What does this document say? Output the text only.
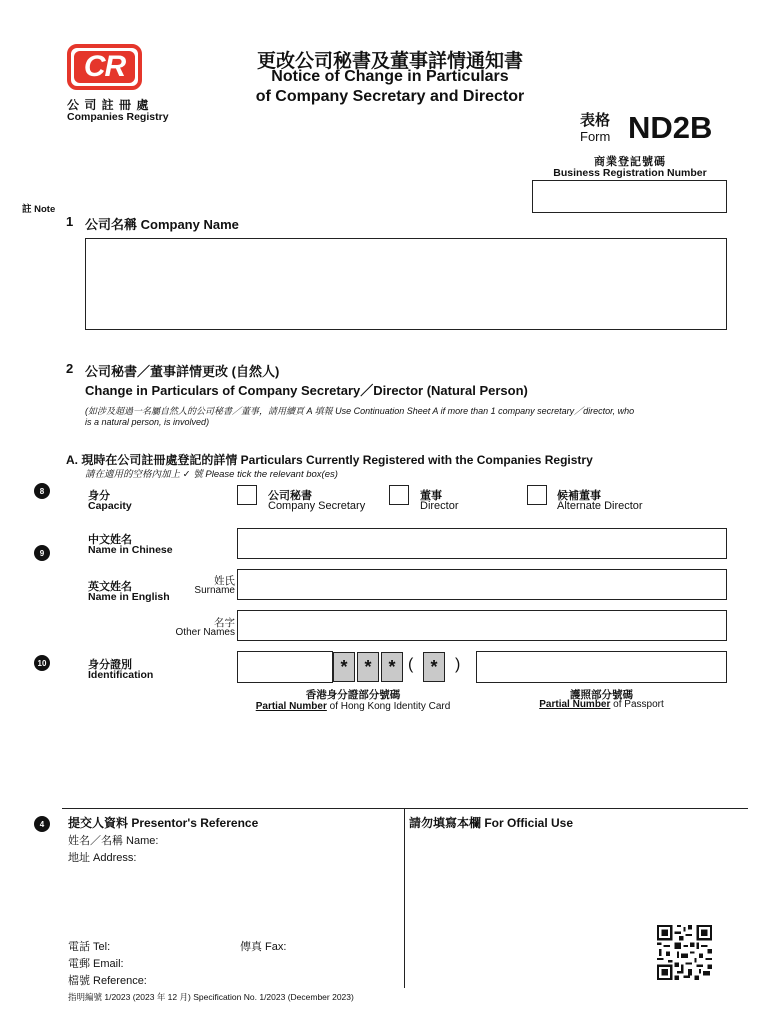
CR
公 司 註 冊 處
Companies Registry
更改公司秘書及董事詳情通知書
Notice of Change in Particulars
of Company Secretary and Director
表格
Form ND2B
商業登記號碼
Business Registration Number
註 Note
1 公司名稱 Company Name
2 公司秘書／董事詳情更改 (自然人)
Change in Particulars of Company Secretary／Director (Natural Person)
(如涉及超過一名屬自然人的公司秘書／董事，請用續頁 A 填報 Use Continuation Sheet A if more than 1 company secretary／director, who
is a natural person, is involved)
A. 現時在公司註冊處登記的詳情 Particulars Currently Registered with the Companies Registry
請在適用的空格內加上 ✓ 號 Please tick the relevant box(es)
8	身分
Capacity
公司秘書
Company Secretary
董事
Director
候補董事
Alternate Director
9
中文姓名
Name in Chinese
英文姓名
Name in English
姓氏
Surname
名字
Other Names
10	身分證別
Identification	* * * ( *	)
香港身分證部分號碼
Partial Number of Hong Kong Identity Card
護照部分號碼
Partial Number of Passport
4	提交人資料 Presentor's Reference
姓名／名稱 Name:
地址 Address:
電話 Tel:	傳真 Fax:
電郵 Email:
檔號 Reference:
請勿填寫本欄 For Official Use
指明編號 1/2023 (2023 年 12 月) Specification No. 1/2023 (December 2023)
